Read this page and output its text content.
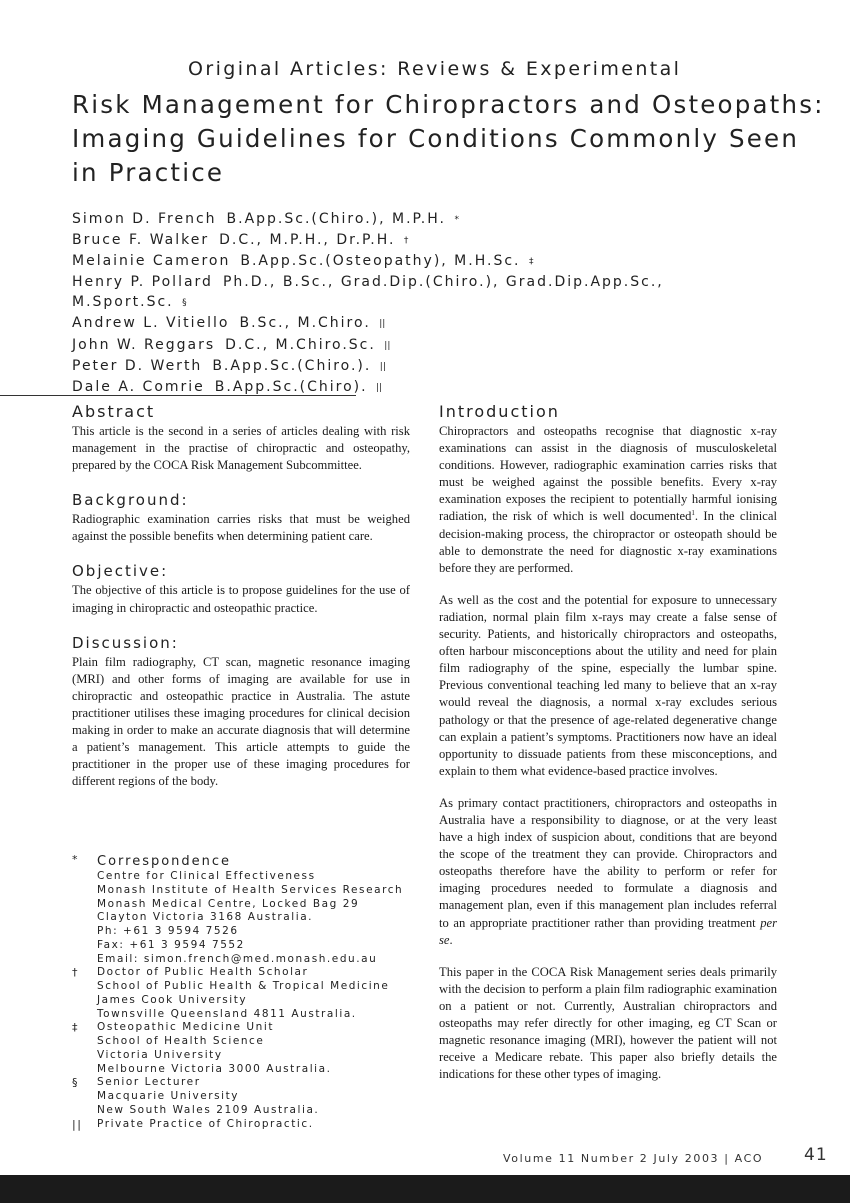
Original Articles: Reviews & Experimental
Risk Management for Chiropractors and Osteopaths:
Imaging Guidelines for Conditions Commonly Seen
in Practice
Simon D. French B.App.Sc.(Chiro.), M.P.H. *
Bruce F. Walker D.C., M.P.H., Dr.P.H. †
Melainie Cameron B.App.Sc.(Osteopathy), M.H.Sc. ‡
Henry P. Pollard Ph.D., B.Sc., Grad.Dip.(Chiro.), Grad.Dip.App.Sc.,
M.Sport.Sc. §
Andrew L. Vitiello B.Sc., M.Chiro. ||
John W. Reggars D.C., M.Chiro.Sc. ||
Peter D. Werth B.App.Sc.(Chiro.). ||
Dale A. Comrie B.App.Sc.(Chiro). ||
Abstract

This article is the second in a series of articles dealing with risk management in the practise of chiropractic and osteopathy, prepared by the COCA Risk Management Subcommittee.

Background:

Radiographic examination carries risks that must be weighed against the possible benefits when determining patient care.

Objective:

The objective of this article is to propose guidelines for the use of imaging in chiropractic and osteopathic practice.

Discussion:

Plain film radiography, CT scan, magnetic resonance imaging (MRI) and other forms of imaging are available for use in chiropractic and osteopathic practice in Australia. The astute practitioner utilises these imaging procedures for clinical decision making in order to make an accurate diagnosis that will determine a patient’s management. This article attempts to guide the practitioner in the proper use of these imaging procedures for different regions of the body.

Introduction

Chiropractors and osteopaths recognise that diagnostic x-ray examinations can assist in the diagnosis of musculoskeletal conditions. However, radiographic examination carries risks that must be weighed against the possible benefits. Every x-ray examination exposes the recipient to potentially harmful ionising radiation, the risk of which is well documented$^1$. In the clinical decision-making process, the chiropractor or osteopath should be able to demonstrate the need for diagnostic x-ray examinations before they are performed.

As well as the cost and the potential for exposure to unnecessary radiation, normal plain film x-rays may create a false sense of security. Patients, and historically chiropractors and osteopaths, often harbour misconceptions about the utility and need for plain film radiography of the spine, especially the lumbar spine. Previous conventional teaching led many to believe that an x-ray would reveal the diagnosis, a normal x-ray excludes serious pathology or that the presence of age-related degenerative change can explain a patient’s symptoms. Practitioners now have an ideal opportunity to dissuade patients from these misconceptions, and explain to them what evidence-based practice involves.

As primary contact practitioners, chiropractors and osteopaths in Australia have a responsibility to diagnose, or at the very least have a high index of suspicion about, conditions that are beyond the scope of the treatment they can provide. Chiropractors and osteopaths therefore have the ability to perform or refer for imaging procedures needed to formulate a diagnosis and management plan, even if this management plan includes referral to an appropriate practitioner rather than providing treatment per se.

This paper in the COCA Risk Management series deals primarily with the decision to perform a plain film radiographic examination on a patient or not. Currently, Australian chiropractors and osteopaths may refer directly for other imaging, eg CT Scan or magnetic resonance imaging (MRI), however the patient will not receive a Medicare rebate. This paper also briefly details the indications for these other types of imaging.

* Correspondence
Centre for Clinical Effectiveness
Monash Institute of Health Services Research
Monash Medical Centre, Locked Bag 29
Clayton Victoria 3168 Australia.
Ph: +61 3 9594 7526
Fax: +61 3 9594 7552
Email: simon.french@med.monash.edu.au
† Doctor of Public Health Scholar
School of Public Health & Tropical Medicine
James Cook University
Townsville Queensland 4811 Australia.
‡ Osteopathic Medicine Unit
School of Health Science
Victoria University
Melbourne Victoria 3000 Australia.
§ Senior Lecturer
Macquarie University
New South Wales 2109 Australia.
|| Private Practice of Chiropractic.
Volume 11 Number 2 July 2003 | ACO 41
